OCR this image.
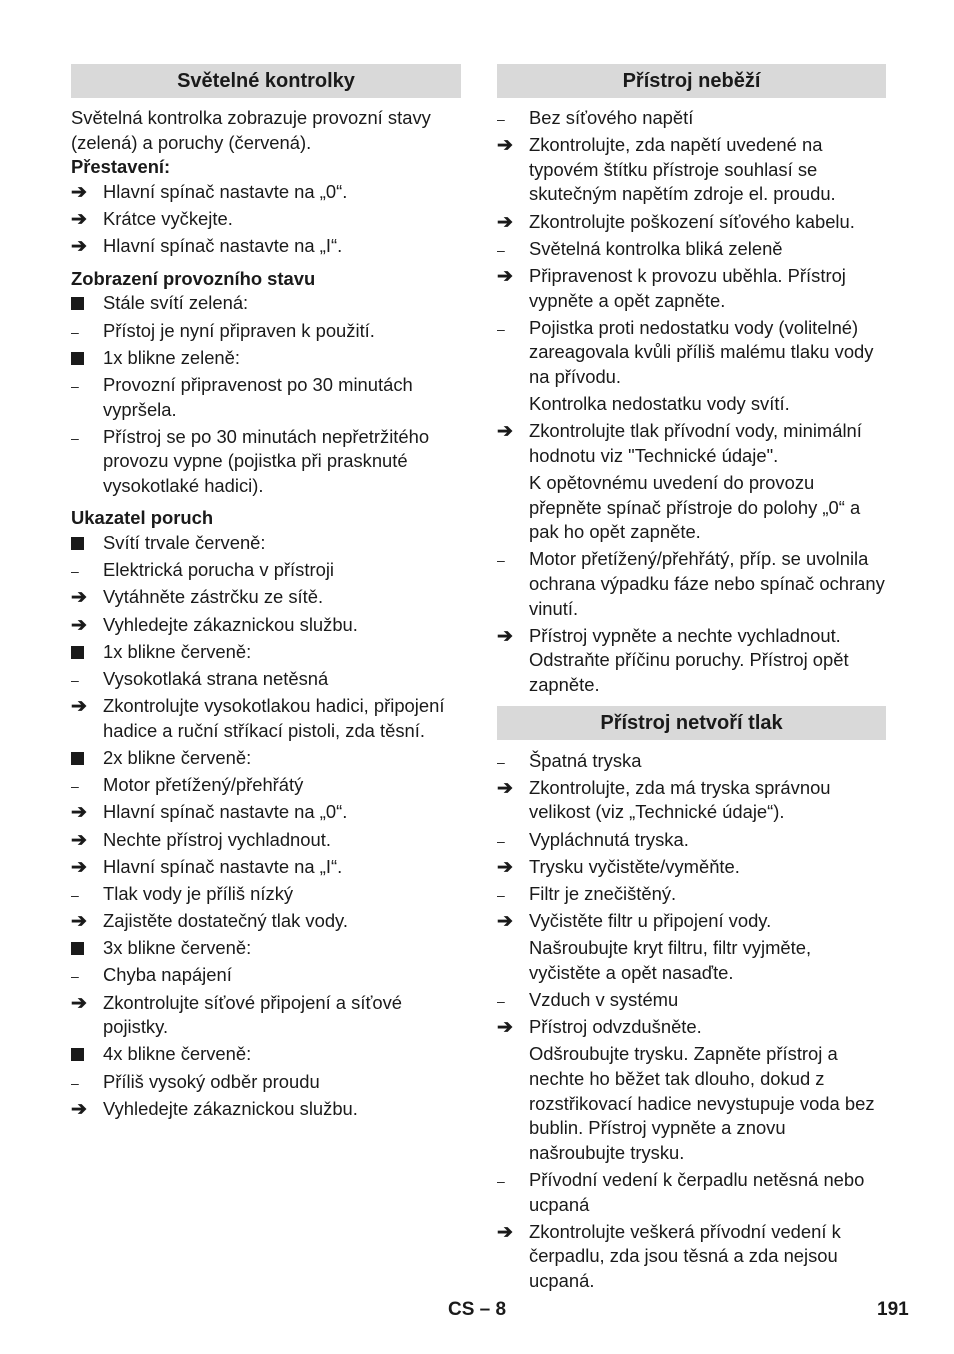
Světelné kontrolky

Světelná kontrolka zobrazuje provozní stavy (zelená) a poruchy (červená).

Přestavení:

➔
Hlavní spínač nastavte na „0“.
➔
Krátce vyčkejte.
➔
Hlavní spínač nastavte na „I“.

Zobrazení provozního stavu

Stále svítí zelená:
–
Přístoj je nyní připraven k použití.
1x blikne zeleně:
–
Provozní připravenost po 30 minutách vypršela.
–
Přístroj se po 30 minutách nepřetržitého provozu vypne (pojistka při prasknuté vysokotlaké hadici).

Ukazatel poruch

Svítí trvale červeně:
–
Elektrická porucha v přístroji
➔
Vytáhněte zástrčku ze sítě.
➔
Vyhledejte zákaznickou službu.
1x blikne červeně:
–
Vysokotlaká strana netěsná
➔
Zkontrolujte vysokotlakou hadici, připojení hadice a ruční stříkací pistoli, zda těsní.
2x blikne červeně:
–
Motor přetížený/přehřátý
➔
Hlavní spínač nastavte na „0“.
➔
Nechte přístroj vychladnout.
➔
Hlavní spínač nastavte na „I“.
–
Tlak vody je příliš nízký
➔
Zajistěte dostatečný tlak vody.
3x blikne červeně:
–
Chyba napájení
➔
Zkontrolujte síťové připojení a síťové pojistky.
4x blikne červeně:
–
Příliš vysoký odběr proudu
➔
Vyhledejte zákaznickou službu.
Přístroj neběží
–
Bez síťového napětí
➔
Zkontrolujte, zda napětí uvedené na typovém štítku přístroje souhlasí se skutečným napětím zdroje el. proudu.
➔
Zkontrolujte poškození síťového kabelu.
–
Světelná kontrolka bliká zeleně
➔
Připravenost k provozu uběhla. Přístroj vypněte a opět zapněte.
–
Pojistka proti nedostatku vody (volitelné) zareagovala kvůli příliš malému tlaku vody na přívodu.
Kontrolka nedostatku vody svítí.
➔
Zkontrolujte tlak přívodní vody, minimální hodnotu viz "Technické údaje".
K opětovnému uvedení do provozu přepněte spínač přístroje do polohy „0“ a pak ho opět zapněte.
–
Motor přetížený/přehřátý, příp. se uvolnila ochrana výpadku fáze nebo spínač ochrany vinutí.
➔
Přístroj vypněte a nechte vychladnout. Odstraňte příčinu poruchy. Přístroj opět zapněte.
Přístroj netvoří tlak
–
Špatná tryska
➔
Zkontrolujte, zda má tryska správnou velikost (viz „Technické údaje“).
–
Vypláchnutá tryska.
➔
Trysku vyčistěte/vyměňte.
–
Filtr je znečištěný.
➔
Vyčistěte filtr u připojení vody.
Našroubujte kryt filtru, filtr vyjměte, vyčistěte a opět nasaďte.
–
Vzduch v systému
➔
Přístroj odvzdušněte.
Odšroubujte trysku. Zapněte přístroj a nechte ho běžet tak dlouho, dokud z rozstřikovací hadice nevystupuje voda bez bublin. Přístroj vypněte a znovu našroubujte trysku.
–
Přívodní vedení k čerpadlu netěsná nebo ucpaná
➔
Zkontrolujte veškerá přívodní vedení k čerpadlu, zda jsou těsná a zda nejsou ucpaná.
CS – 8	191
